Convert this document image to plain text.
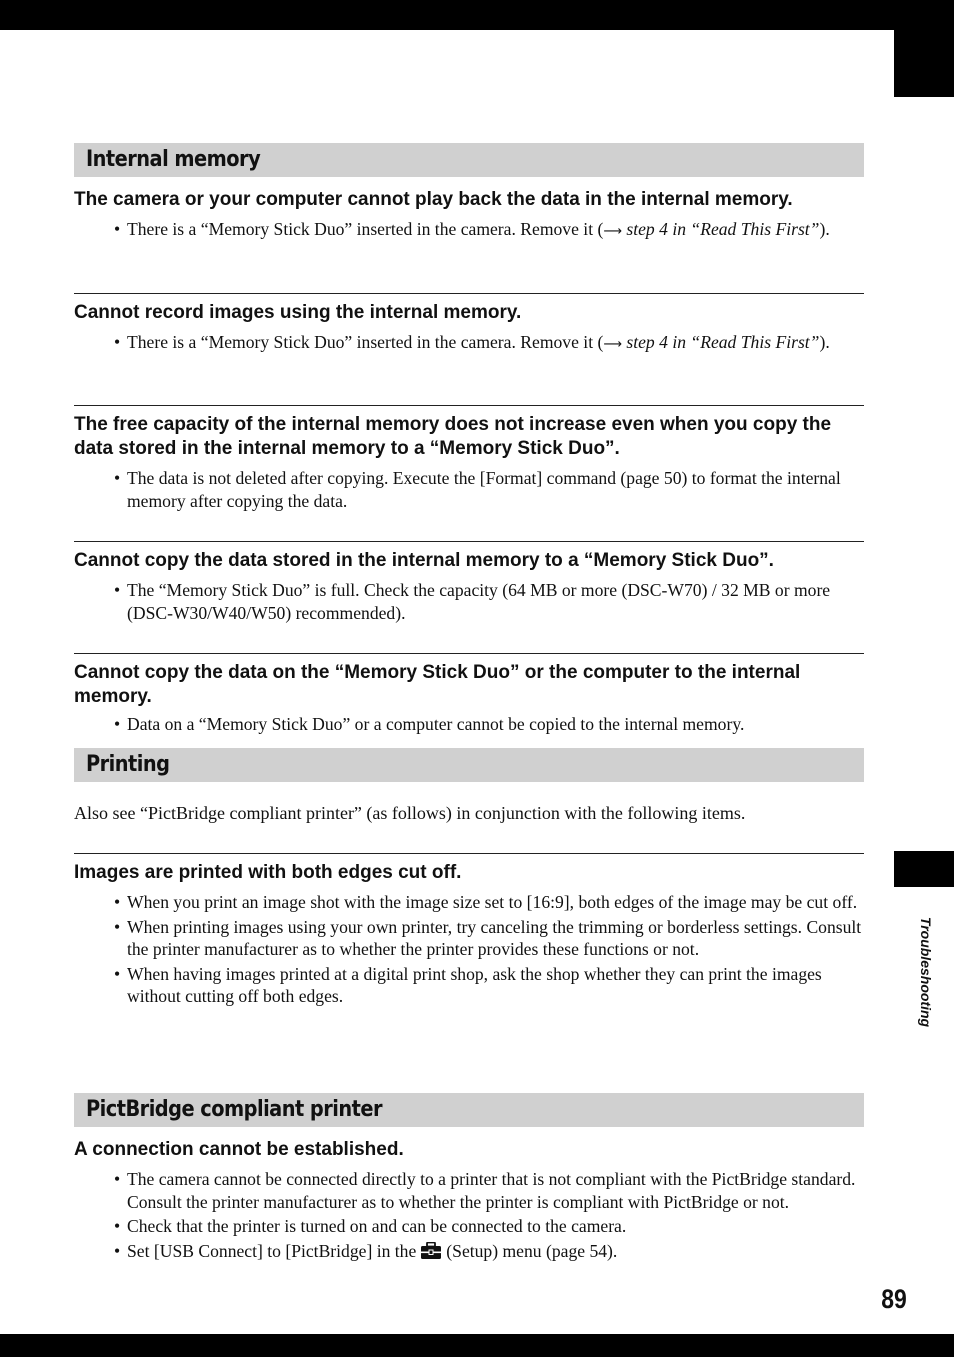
Troubleshooting
Internal memory

The camera or your computer cannot play back the data in the internal memory.

• There is a “Memory Stick Duo” inserted in the camera. Remove it (⟶ step 4 in “Read This First”).

Cannot record images using the internal memory.

• There is a “Memory Stick Duo” inserted in the camera. Remove it (⟶ step 4 in “Read This First”).

The free capacity of the internal memory does not increase even when you copy the data stored in the internal memory to a “Memory Stick Duo”.

• The data is not deleted after copying. Execute the [Format] command (page 50) to format the internal memory after copying the data.

Cannot copy the data stored in the internal memory to a “Memory Stick Duo”.

• The “Memory Stick Duo” is full. Check the capacity (64 MB or more (DSC-W70) / 32 MB or more (DSC-W30/W40/W50) recommended).

Cannot copy the data on the “Memory Stick Duo” or the computer to the internal memory.

• Data on a “Memory Stick Duo” or a computer cannot be copied to the internal memory.
Printing

Also see “PictBridge compliant printer” (as follows) in conjunction with the following items.

Images are printed with both edges cut off.

• When you print an image shot with the image size set to [16:9], both edges of the image may be cut off.
• When printing images using your own printer, try canceling the trimming or borderless settings. Consult the printer manufacturer as to whether the printer provides these functions or not.
• When having images printed at a digital print shop, ask the shop whether they can print the images without cutting off both edges.
PictBridge compliant printer

A connection cannot be established.

• The camera cannot be connected directly to a printer that is not compliant with the PictBridge standard. Consult the printer manufacturer as to whether the printer is compliant with PictBridge or not.
• Check that the printer is turned on and can be connected to the camera.
• Set [USB Connect] to [PictBridge] in the (Setup) menu (page 54).
89
